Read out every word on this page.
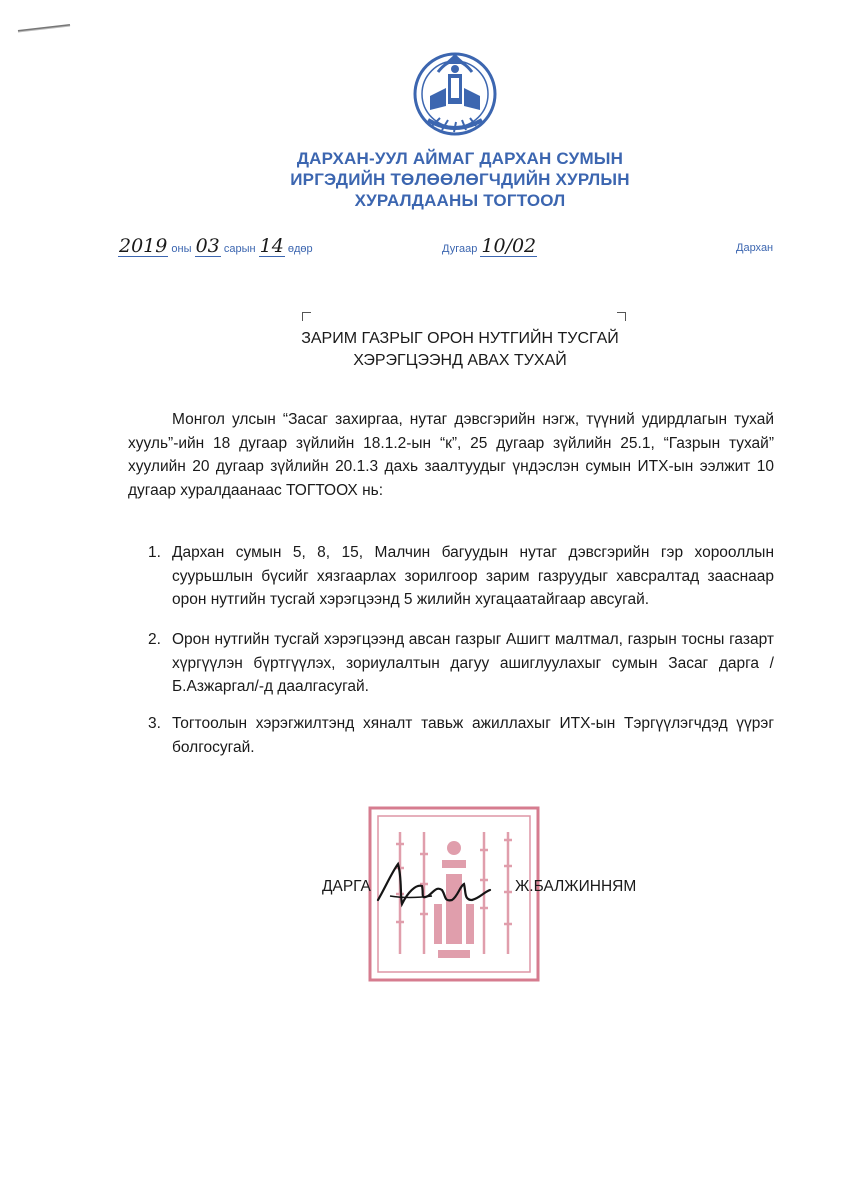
ДАРХАН-УУЛ АЙМАГ ДАРХАН СУМЫН
ИРГЭДИЙН ТӨЛӨӨЛӨГЧДИЙН ХУРЛЫН
ХУРАЛДААНЫ ТОГТООЛ
2019 оны 03 сарын 14 өдөр	Дугаар 10/02	Дархан
ЗАРИМ ГАЗРЫГ ОРОН НУТГИЙН ТУСГАЙ
ХЭРЭГЦЭЭНД АВАХ ТУХАЙ
Монгол улсын “Засаг захиргаа, нутаг дэвсгэрийн нэгж, түүний удирдлагын тухай хууль”-ийн 18 дугаар зүйлийн 18.1.2-ын “к”, 25 дугаар зүйлийн 25.1, “Газрын тухай” хуулийн 20 дугаар зүйлийн 20.1.3 дахь заалтуудыг үндэслэн сумын ИТХ-ын ээлжит 10 дугаар хуралдаанаас ТОГТООХ нь:
1. Дархан сумын 5, 8, 15, Малчин багуудын нутаг дэвсгэрийн гэр хорооллын суурьшлын бүсийг хязгаарлах зорилгоор зарим газруудыг хавсралтад зааснаар орон нутгийн тусгай хэрэгцээнд 5 жилийн хугацаатайгаар авсугай.
2. Орон нутгийн тусгай хэрэгцээнд авсан газрыг Ашигт малтмал, газрын тосны газарт хүргүүлэн бүртгүүлэх, зориулалтын дагуу ашиглуулахыг сумын Засаг дарга /Б.Азжаргал/-д даалгасугай.
3. Тогтоолын хэрэгжилтэнд хяналт тавьж ажиллахыг ИТХ-ын Тэргүүлэгчдэд үүрэг болгосугай.
ДАРГА	Ж.БАЛЖИННЯМ
